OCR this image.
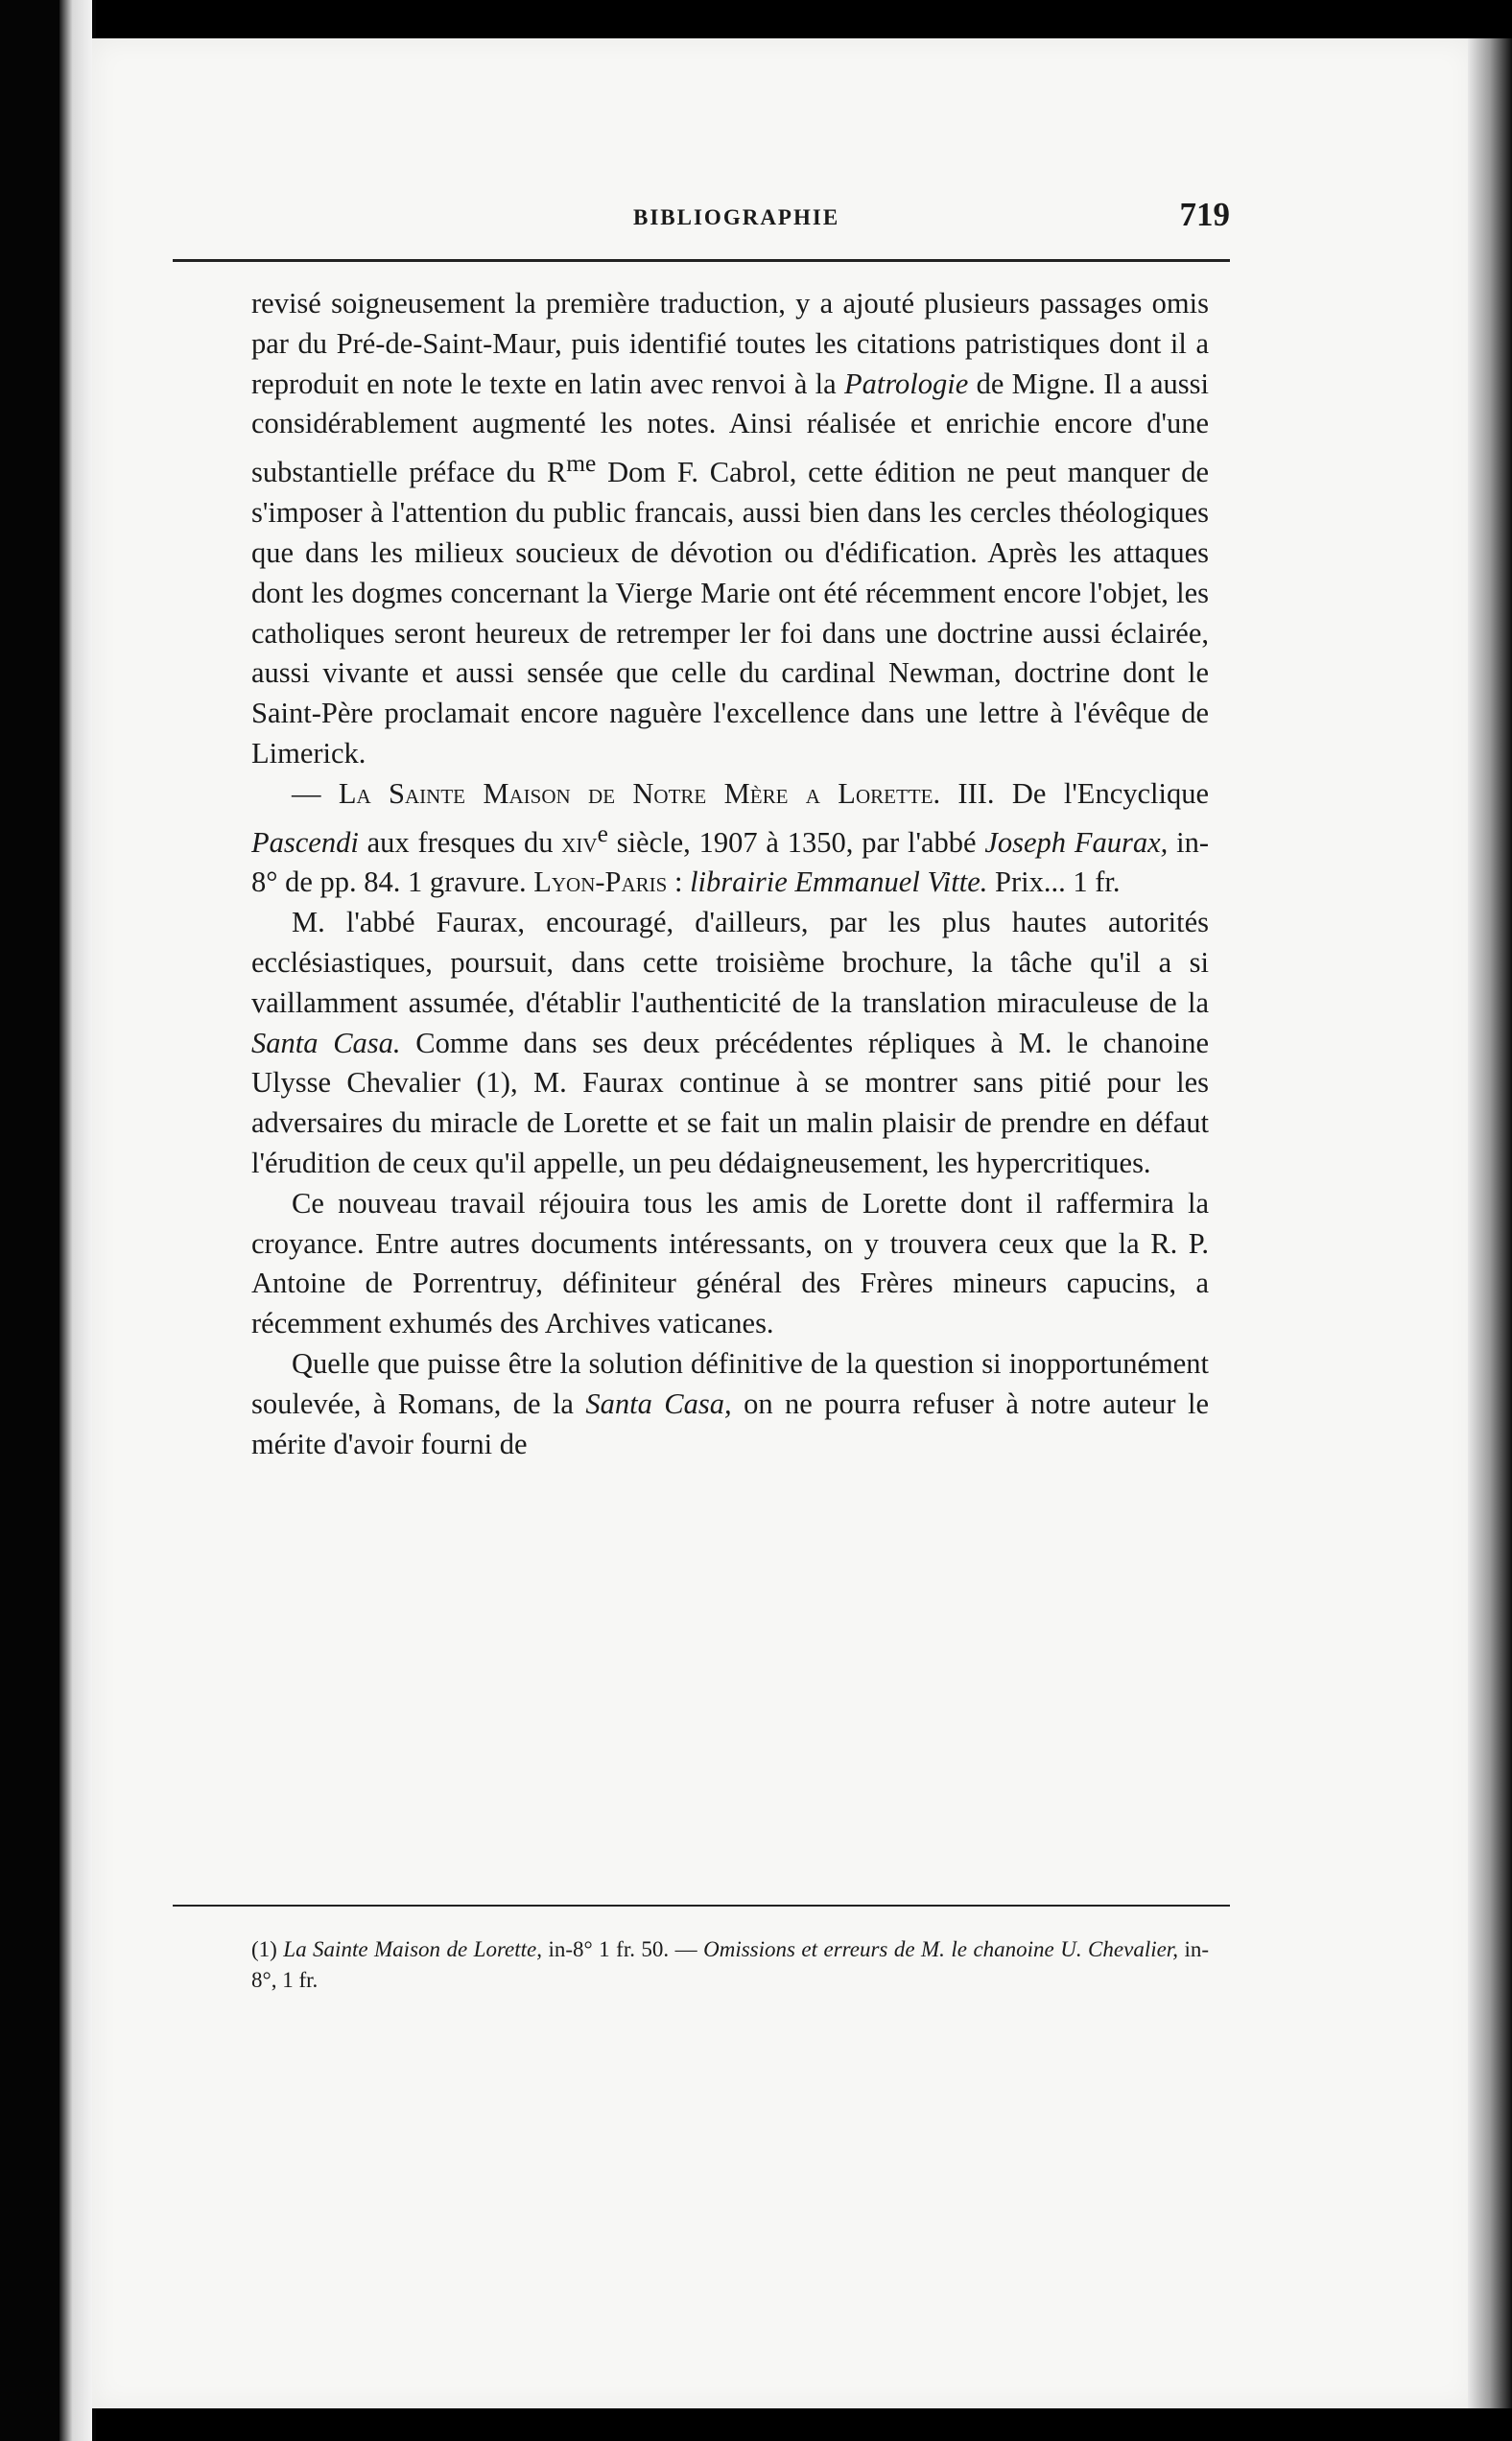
BIBLIOGRAPHIE	719

revisé soigneusement la première traduction, y a ajouté plusieurs passages omis par du Pré-de-Saint-Maur, puis identifié toutes les citations patristiques dont il a reproduit en note le texte en latin avec renvoi à la Patrologie de Migne. Il a aussi considérablement augmenté les notes. Ainsi réalisée et enrichie encore d'une substantielle préface du $R^{me}$ Dom F. Cabrol, cette édition ne peut manquer de s'imposer à l'attention du public francais, aussi bien dans les cercles théologiques que dans les milieux soucieux de dévotion ou d'édification. Après les attaques dont les dogmes concernant la Vierge Marie ont été récemment encore l'objet, les catholiques seront heureux de retremper ler foi dans une doctrine aussi éclairée, aussi vivante et aussi sensée que celle du cardinal Newman, doctrine dont le Saint-Père proclamait encore naguère l'excellence dans une lettre à l'évêque de Limerick.

— La Sainte Maison de Notre Mère a Lorette. III. De l'Encyclique Pascendi aux fresques du xiv$^e$ siècle, 1907 à 1350, par l'abbé Joseph Faurax, in-8° de pp. 84. 1 gravure. Lyon-Paris : librairie Emmanuel Vitte. Prix... 1 fr.

M. l'abbé Faurax, encouragé, d'ailleurs, par les plus hautes autorités ecclésiastiques, poursuit, dans cette troisième brochure, la tâche qu'il a si vaillamment assumée, d'établir l'authenticité de la translation miraculeuse de la Santa Casa. Comme dans ses deux précédentes répliques à M. le chanoine Ulysse Chevalier (1), M. Faurax continue à se montrer sans pitié pour les adversaires du miracle de Lorette et se fait un malin plaisir de prendre en défaut l'érudition de ceux qu'il appelle, un peu dédaigneusement, les hypercritiques.

Ce nouveau travail réjouira tous les amis de Lorette dont il raffermira la croyance. Entre autres documents intéressants, on y trouvera ceux que la R. P. Antoine de Porrentruy, définiteur général des Frères mineurs capucins, a récemment exhumés des Archives vaticanes.

Quelle que puisse être la solution définitive de la question si inopportunément soulevée, à Romans, de la Santa Casa, on ne pourra refuser à notre auteur le mérite d'avoir fourni de

(1) La Sainte Maison de Lorette, in-8° 1 fr. 50. — Omissions et erreurs de M. le chanoine U. Chevalier, in-8°, 1 fr.
